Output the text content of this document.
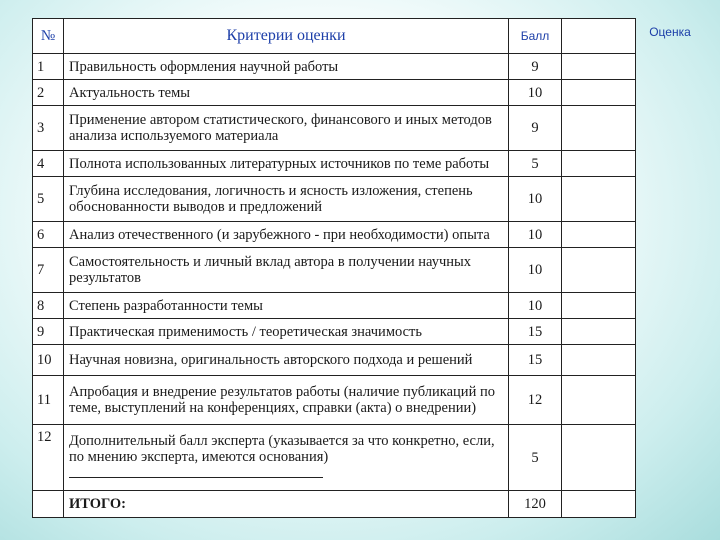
Оценка
№	Критерии оценки	Балл	
1	Правильность оформления научной работы	9	
2	Актуальность темы	10	
3	Применение автором статистического, финансового и иных методов анализа используемого материала	9	
4	Полнота использованных литературных источников по теме работы	5	
5	Глубина исследования, логичность и ясность изложения, степень обоснованности выводов и предложений	10	
6	Анализ отечественного (и зарубежного - при необходимости) опыта	10	
7	Самостоятельность и личный вклад автора в получении научных результатов	10	
8	Степень разработанности темы	10	
9	Практическая применимость / теоретическая значимость	15	
10	Научная новизна, оригинальность авторского подхода и решений	15	
11	Апробация и внедрение результатов работы (наличие публикаций по теме, выступлений на конференциях, справки (акта) о внедрении)	12	
12	Дополнительный балл эксперта (указывается за что конкретно, если, по мнению эксперта, имеются основания)	5	
	ИТОГО:	120	
